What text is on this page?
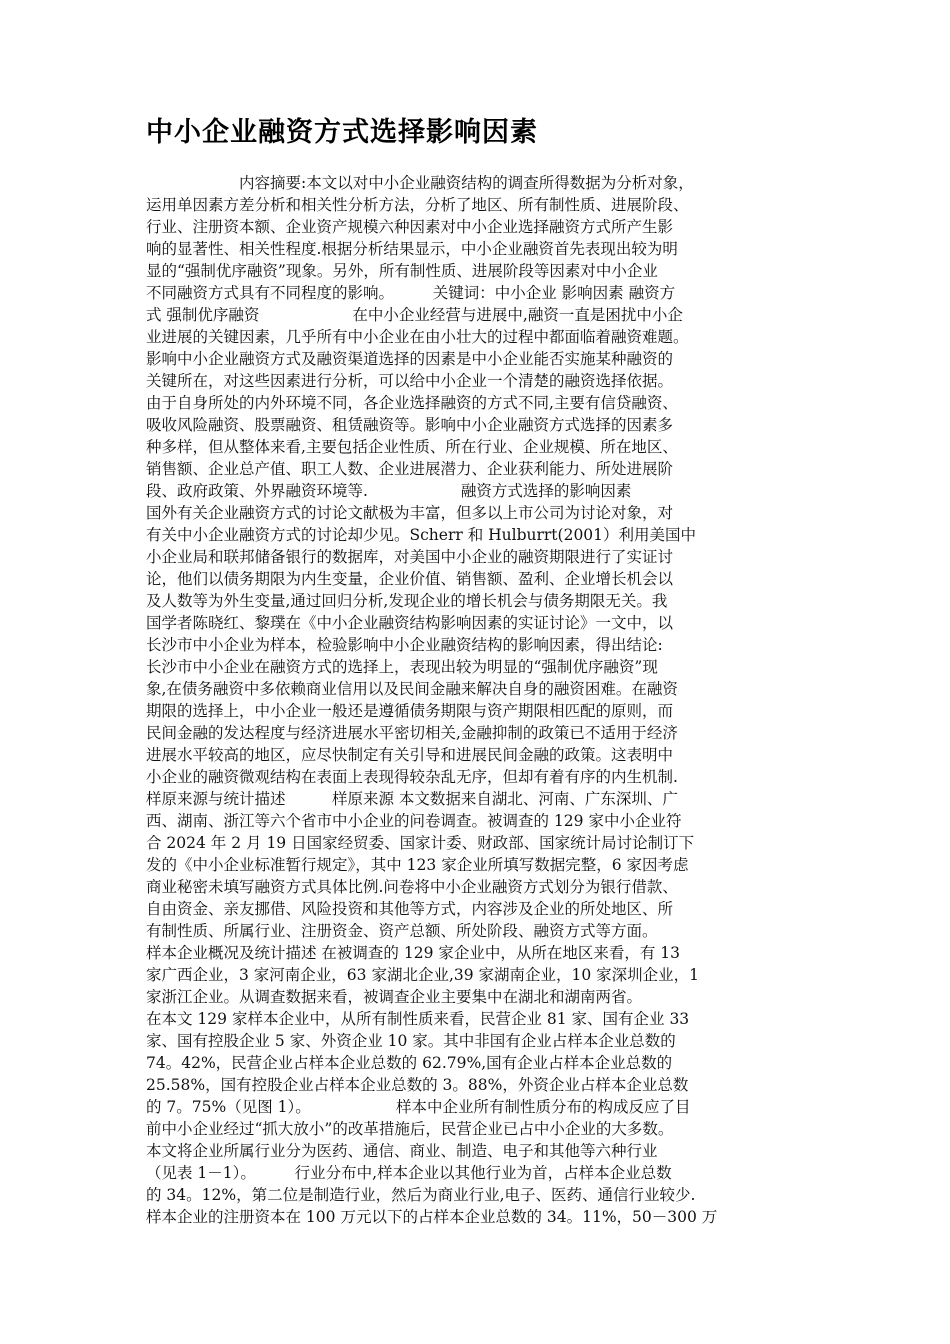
中小企业融资方式选择影响因素
　　　　　　内容摘要:本文以对中小企业融资结构的调查所得数据为分析对象，
运用单因素方差分析和相关性分析方法，分析了地区、所有制性质、进展阶段、
行业、注册资本额、企业资产规模六种因素对中小企业选择融资方式所产生影
响的显著性、相关性程度.根据分析结果显示，中小企业融资首先表现出较为明
显的“强制优序融资”现象。另外，所有制性质、进展阶段等因素对中小企业
不同融资方式具有不同程度的影响。　　　关键词：中小企业 影响因素 融资方
式 强制优序融资　　　　　　在中小企业经营与进展中,融资一直是困扰中小企
业进展的关键因素，几乎所有中小企业在由小壮大的过程中都面临着融资难题。
影响中小企业融资方式及融资渠道选择的因素是中小企业能否实施某种融资的
关键所在，对这些因素进行分析，可以给中小企业一个清楚的融资选择依据。
由于自身所处的内外环境不同，各企业选择融资的方式不同,主要有信贷融资、
吸收风险融资、股票融资、租赁融资等。影响中小企业融资方式选择的因素多
种多样，但从整体来看,主要包括企业性质、所在行业、企业规模、所在地区、
销售额、企业总产值、职工人数、企业进展潜力、企业获利能力、所处进展阶
段、政府政策、外界融资环境等.　　　　　　融资方式选择的影响因素
国外有关企业融资方式的讨论文献极为丰富，但多以上市公司为讨论对象，对
有关中小企业融资方式的讨论却少见。Scherr 和 Hulburrt(2001）利用美国中
小企业局和联邦储备银行的数据库，对美国中小企业的融资期限进行了实证讨
论，他们以债务期限为内生变量，企业价值、销售额、盈利、企业增长机会以
及人数等为外生变量,通过回归分析,发现企业的增长机会与债务期限无关。我
国学者陈晓红、黎璞在《中小企业融资结构影响因素的实证讨论》一文中，以
长沙市中小企业为样本，检验影响中小企业融资结构的影响因素，得出结论:
长沙市中小企业在融资方式的选择上，表现出较为明显的“强制优序融资”现
象,在债务融资中多依赖商业信用以及民间金融来解决自身的融资困难。在融资
期限的选择上，中小企业一般还是遵循债务期限与资产期限相匹配的原则，而
民间金融的发达程度与经济进展水平密切相关,金融抑制的政策已不适用于经济
进展水平较高的地区，应尽快制定有关引导和进展民间金融的政策。这表明中
小企业的融资微观结构在表面上表现得较杂乱无序，但却有着有序的内生机制.
样原来源与统计描述　　　样原来源 本文数据来自湖北、河南、广东深圳、广
西、湖南、浙江等六个省市中小企业的问卷调查。被调查的 129 家中小企业符
合 2024 年 2 月 19 日国家经贸委、国家计委、财政部、国家统计局讨论制订下
发的《中小企业标准暂行规定》，其中 123 家企业所填写数据完整，6 家因考虑
商业秘密未填写融资方式具体比例.问卷将中小企业融资方式划分为银行借款、
自由资金、亲友挪借、风险投资和其他等方式，内容涉及企业的所处地区、所
有制性质、所属行业、注册资金、资产总额、所处阶段、融资方式等方面。
样本企业概况及统计描述 在被调查的 129 家企业中，从所在地区来看，有 13
家广西企业，3 家河南企业，63 家湖北企业,39 家湖南企业，10 家深圳企业，1
家浙江企业。从调查数据来看，被调查企业主要集中在湖北和湖南两省。
在本文 129 家样本企业中，从所有制性质来看，民营企业 81 家、国有企业 33
家、国有控股企业 5 家、外资企业 10 家。其中非国有企业占样本企业总数的
74。42%，民营企业占样本企业总数的 62.79%,国有企业占样本企业总数的
25.58%，国有控股企业占样本企业总数的 3。88%，外资企业占样本企业总数
的 7。75%（见图 1）。　　　　　　样本中企业所有制性质分布的构成反应了目
前中小企业经过“抓大放小”的改革措施后，民营企业已占中小企业的大多数。
本文将企业所属行业分为医药、通信、商业、制造、电子和其他等六种行业
（见表 1－1）。　　　行业分布中,样本企业以其他行业为首，占样本企业总数
的 34。12%，第二位是制造行业，然后为商业行业,电子、医药、通信行业较少.
样本企业的注册资本在 100 万元以下的占样本企业总数的 34。11%，50－300 万
